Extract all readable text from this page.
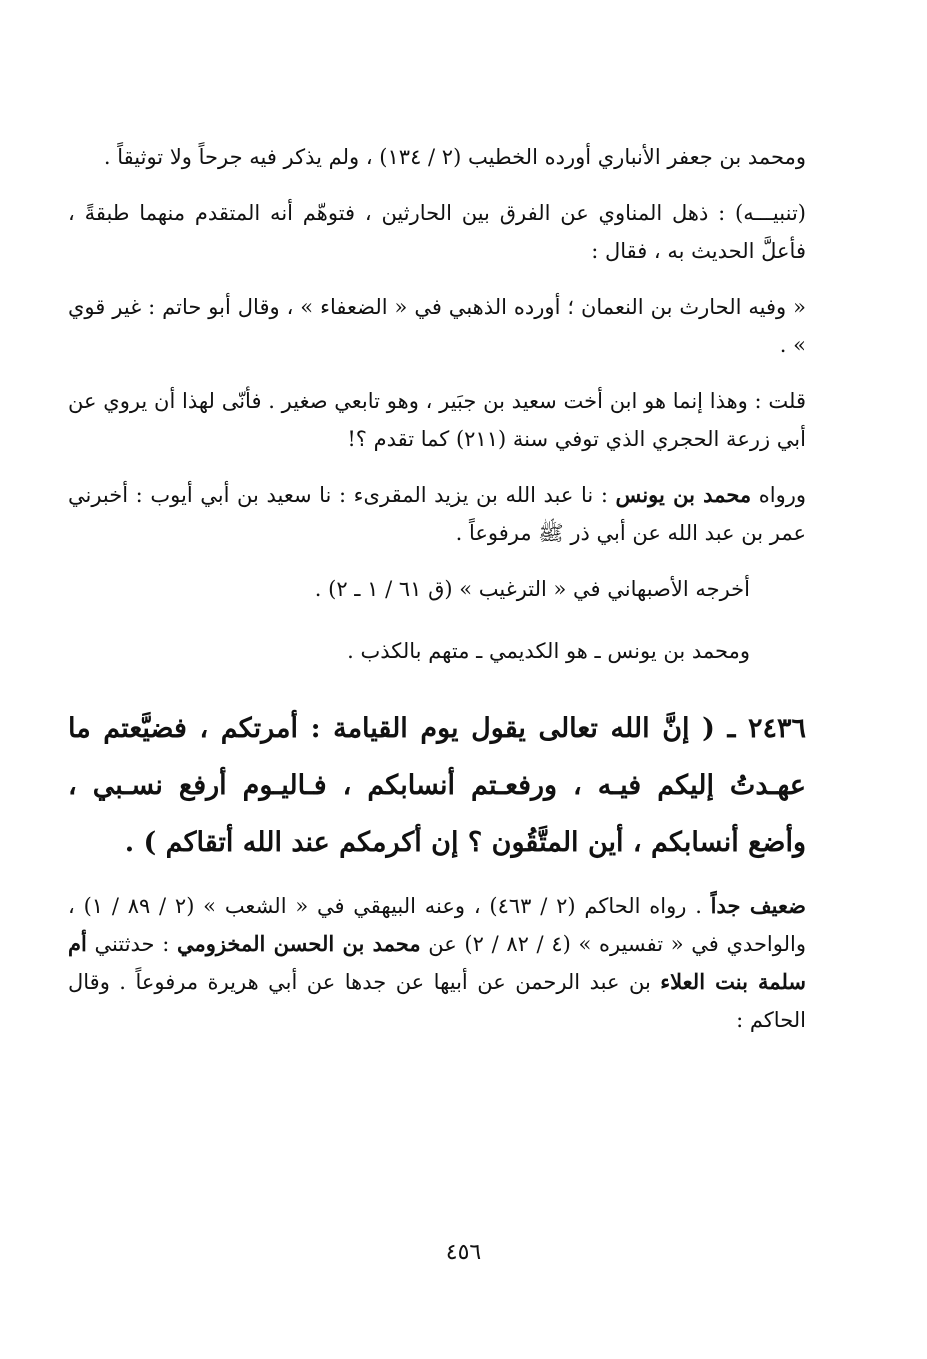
ومحمد بن جعفر الأنباري أورده الخطيب (٢ / ١٣٤) ، ولم يذكر فيه جرحاً ولا توثيقاً .

(تنبيـــه) : ذهل المناوي عن الفرق بين الحارثين ، فتوهّم أنه المتقدم منهما طبقةً ، فأعلَّ الحديث به ، فقال :

« وفيه الحارث بن النعمان ؛ أورده الذهبي في « الضعفاء » ، وقال أبو حاتم : غير قوي » .

قلت : وهذا إنما هو ابن أخت سعيد بن جبَير ، وهو تابعي صغير . فأنّى لهذا أن يروي عن أبي زرعة الحجري الذي توفي سنة (٢١١) كما تقدم ؟!

ورواه محمد بن يونس : نا عبد الله بن يزيد المقرىء : نا سعيد بن أبي أيوب : أخبرني عمر بن عبد الله عن أبي ذر ﷺ مرفوعاً .

أخرجه الأصبهاني في « الترغيب » (ق ٦١ / ١ ـ ٢) .

ومحمد بن يونس ـ هو الكديمي ـ متهم بالكذب .

٢٤٣٦ ـ ( إنَّ الله تعالى يقول يوم القيامة : أمرتكم ، فضيَّعتم ما عهـدتُ إليكم فيـه ، ورفعـتم أنسابكم ، فـاليـوم أرفع نسـبي ، وأضع أنسابكم ، أين المتَّقُون ؟ إن أكرمكم عند الله أتقاكم ) .

ضعيف جداً . رواه الحاكم (٢ / ٤٦٣) ، وعنه البيهقي في « الشعب » (٢ / ٨٩ / ١) ، والواحدي في « تفسيره » (٤ / ٨٢ / ٢) عن محمد بن الحسن المخزومي : حدثتني أم سلمة بنت العلاء بن عبد الرحمن عن أبيها عن جدها عن أبي هريرة مرفوعاً . وقال الحاكم :

٤٥٦
